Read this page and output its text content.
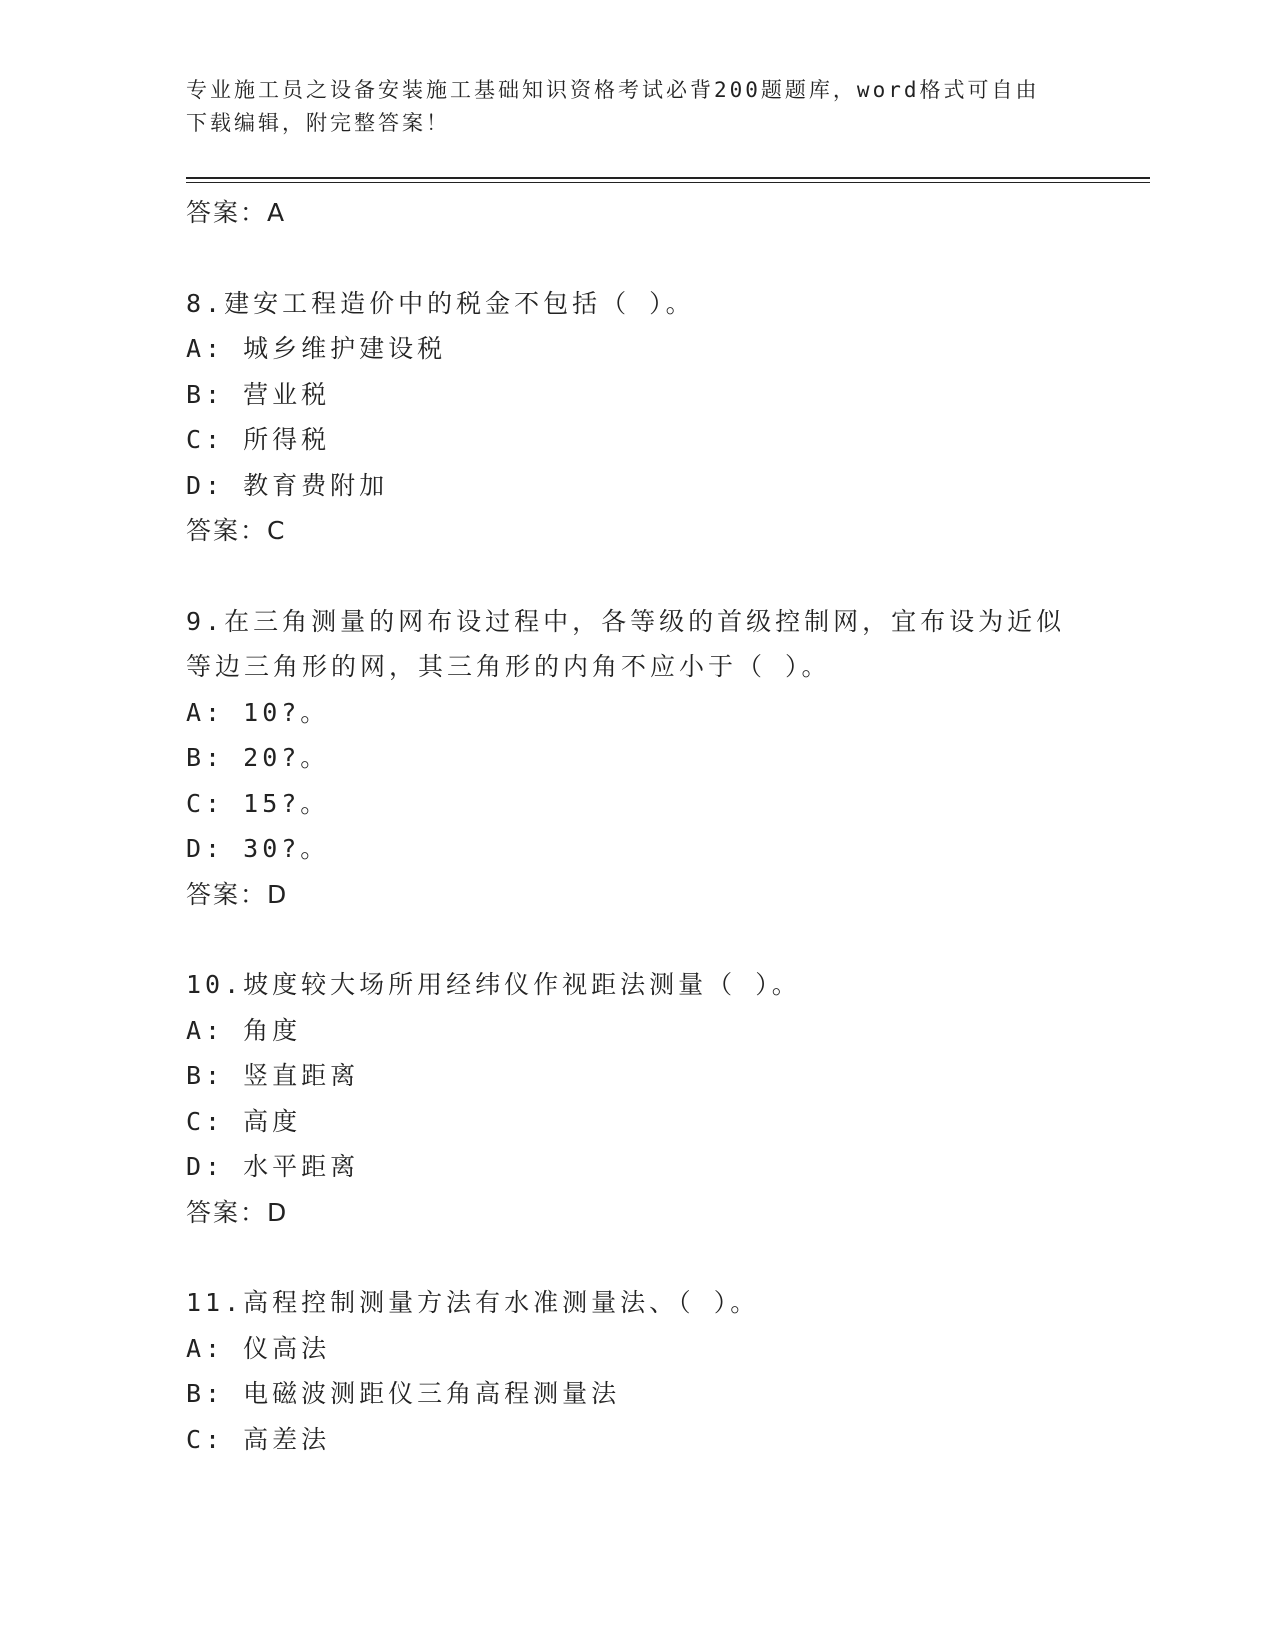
专业施工员之设备安装施工基础知识资格考试必背200题题库，word格式可自由
下载编辑，附完整答案！
答案：A
8.建安工程造价中的税金不包括（ ）。
A: 城乡维护建设税
B: 营业税
C: 所得税
D: 教育费附加
答案：C
9.在三角测量的网布设过程中，各等级的首级控制网，宜布设为近似
等边三角形的网，其三角形的内角不应小于（ ）。
A: 10?。
B: 20?。
C: 15?。
D: 30?。
答案：D
10.坡度较大场所用经纬仪作视距法测量（ ）。
A: 角度
B: 竖直距离
C: 高度
D: 水平距离
答案：D
11.高程控制测量方法有水准测量法、（ ）。
A: 仪高法
B: 电磁波测距仪三角高程测量法
C: 高差法
